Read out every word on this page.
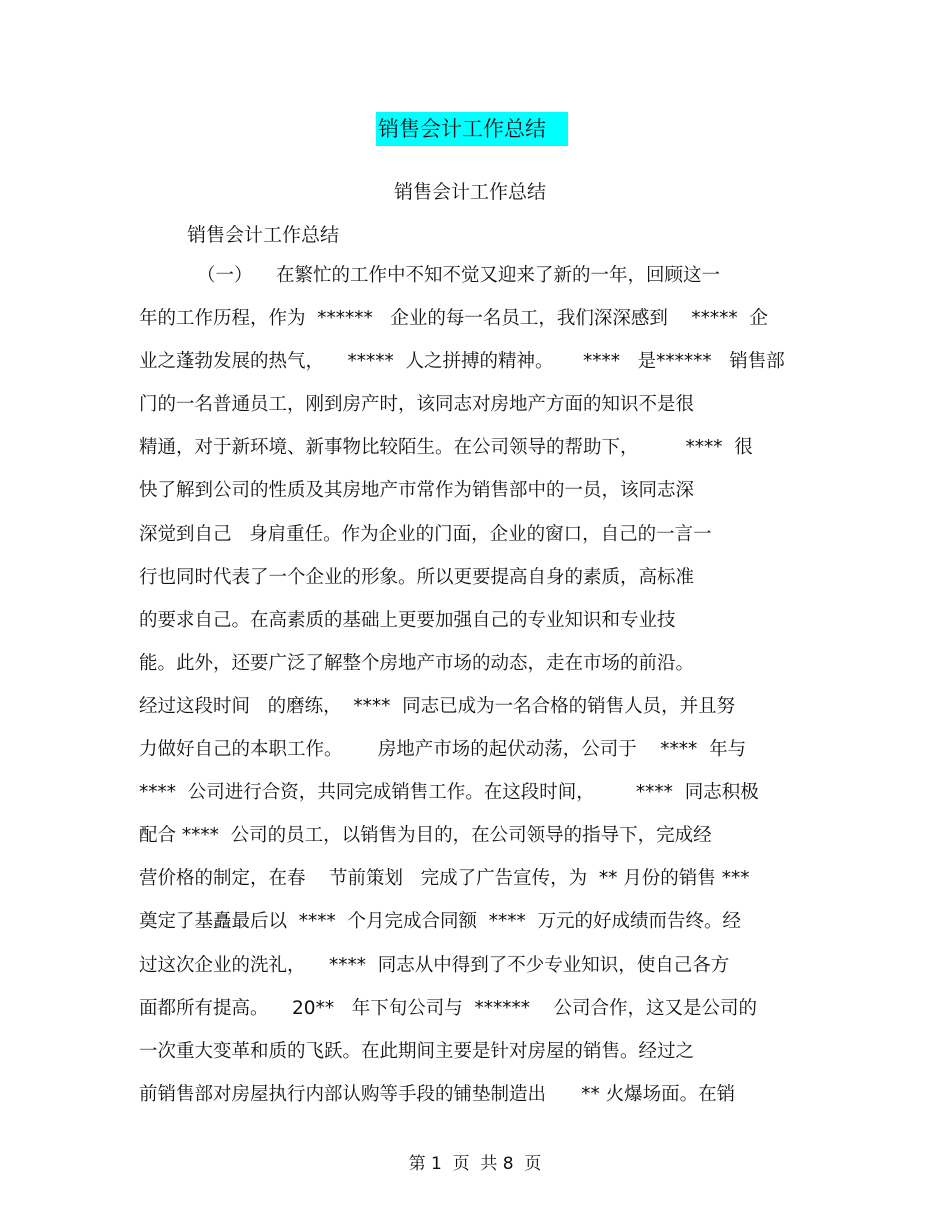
销售会计工作总结
销售会计工作总结
销售会计工作总结
（一）    在繁忙的工作中不知不觉又迎来了新的一年，回顾这一
年的工作历程，作为  ******   企业的每一名员工，我们深深感到    *****  企
业之蓬勃发展的热气，    *****  人之拼搏的精神。     ****   是******   销售部
门的一名普通员工，刚到房产时，该同志对房地产方面的知识不是很
精通，对于新环境、新事物比较陌生。在公司领导的帮助下，        ****  很
快了解到公司的性质及其房地产市常作为销售部中的一员，该同志深
深觉到自己   身肩重任。作为企业的门面，企业的窗口，自己的一言一
行也同时代表了一个企业的形象。所以更要提高自身的素质，高标准
的要求自己。在高素质的基础上更要加强自己的专业知识和专业技
能。此外，还要广泛了解整个房地产市场的动态，走在市场的前沿。
经过这段时间   的磨练，  ****  同志已成为一名合格的销售人员，并且努
力做好自己的本职工作。      房地产市场的起伏动荡，公司于    ****  年与
****  公司进行合资，共同完成销售工作。在这段时间，       ****  同志积极
配合 ****  公司的员工，以销售为目的，在公司领导的指导下，完成经
营价格的制定，在春    节前策划   完成了广告宣传，为  ** 月份的销售 ***
奠定了基矗最后以  ****  个月完成合同额  ****  万元的好成绩而告终。经
过这次企业的洗礼，    ****  同志从中得到了不少专业知识，使自己各方
面都所有提高。    20**   年下旬公司与  ******    公司合作，这又是公司的
一次重大变革和质的飞跃。在此期间主要是针对房屋的销售。经过之
前销售部对房屋执行内部认购等手段的铺垫制造出      ** 火爆场面。在销
第 1  页  共 8  页
